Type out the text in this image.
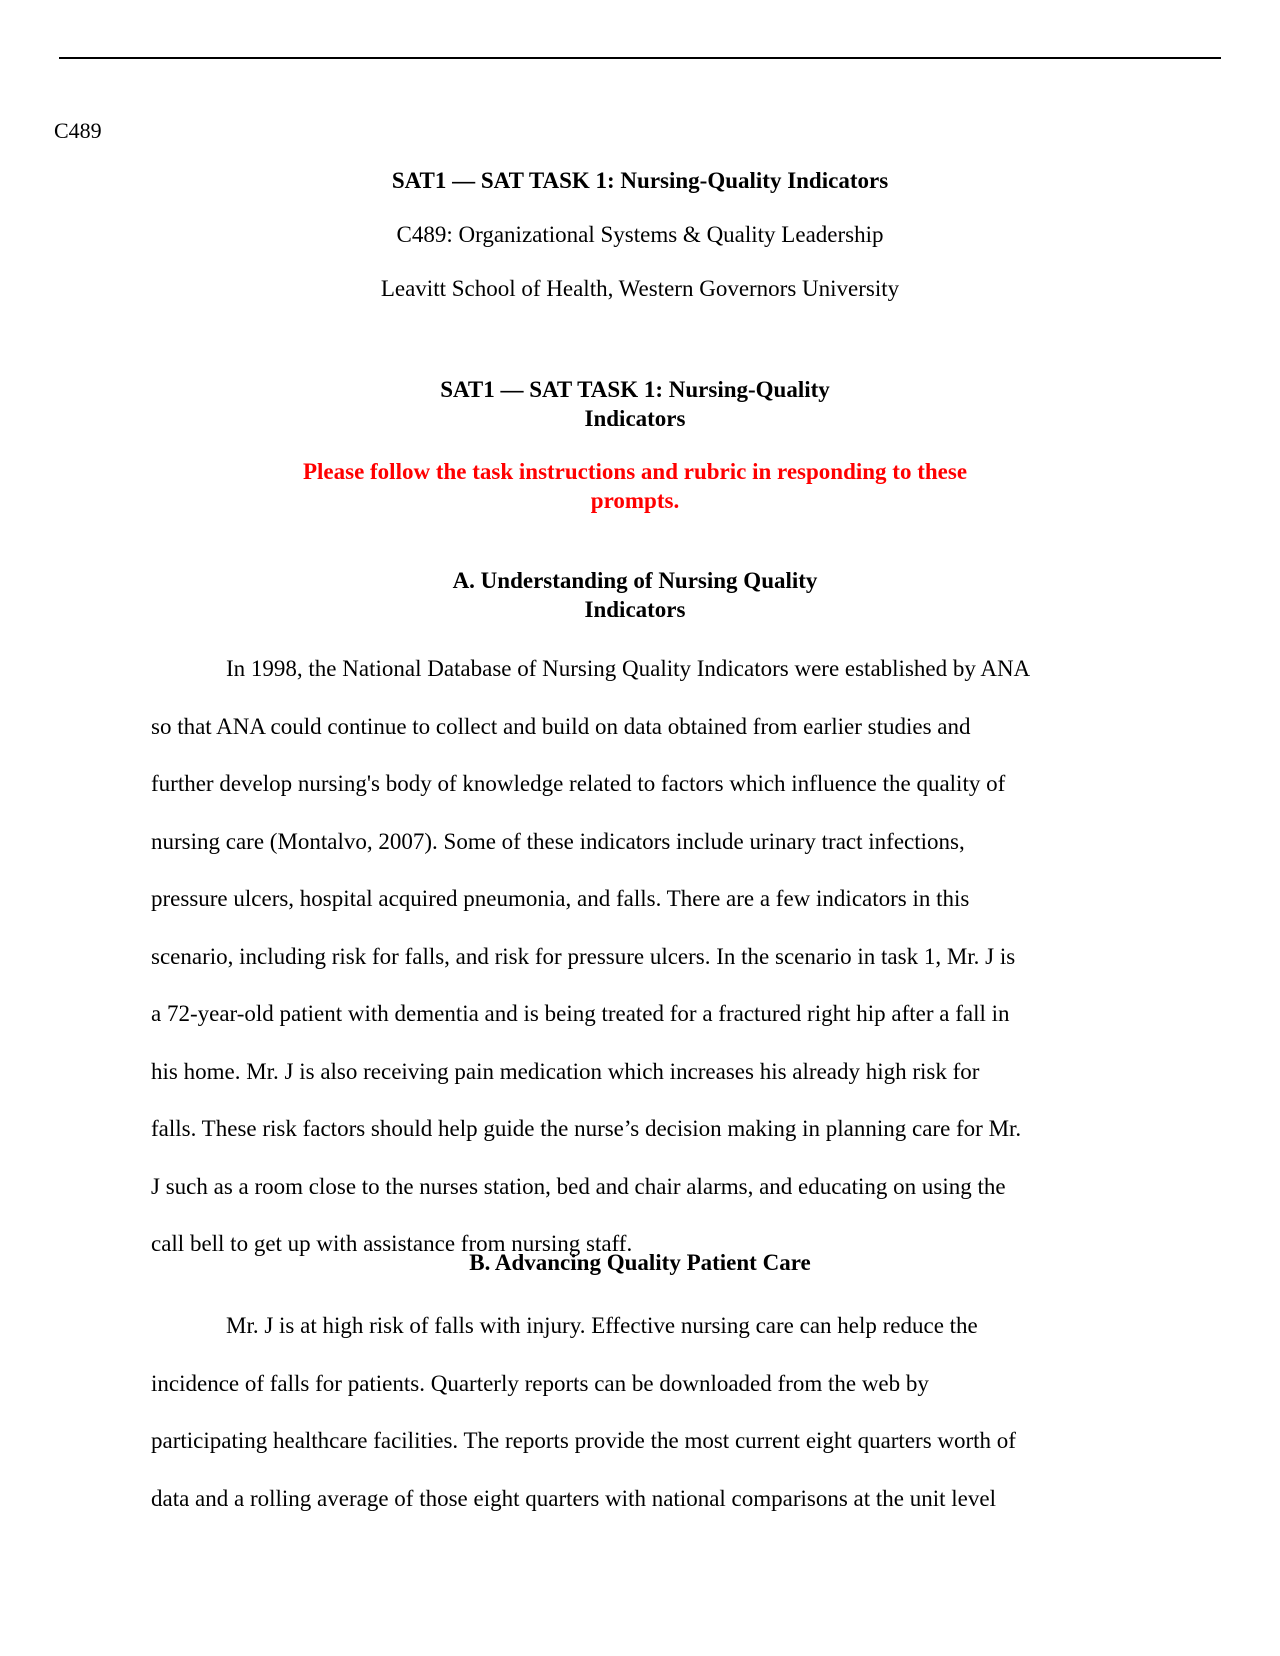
C489
SAT1 — SAT TASK 1: Nursing-Quality Indicators
C489: Organizational Systems & Quality Leadership
Leavitt School of Health, Western Governors University
SAT1 — SAT TASK 1: Nursing-Quality
Indicators
Please follow the task instructions and rubric in responding to these
prompts.
A. Understanding of Nursing Quality
Indicators
In 1998, the National Database of Nursing Quality Indicators were established by ANA
so that ANA could continue to collect and build on data obtained from earlier studies and
further develop nursing's body of knowledge related to factors which influence the quality of
nursing care (Montalvo, 2007). Some of these indicators include urinary tract infections,
pressure ulcers, hospital acquired pneumonia, and falls. There are a few indicators in this
scenario, including risk for falls, and risk for pressure ulcers. In the scenario in task 1, Mr. J is
a 72-year-old patient with dementia and is being treated for a fractured right hip after a fall in
his home. Mr. J is also receiving pain medication which increases his already high risk for
falls. These risk factors should help guide the nurse’s decision making in planning care for Mr.
J such as a room close to the nurses station, bed and chair alarms, and educating on using the
call bell to get up with assistance from nursing staff.
B. Advancing Quality Patient Care
Mr. J is at high risk of falls with injury. Effective nursing care can help reduce the
incidence of falls for patients. Quarterly reports can be downloaded from the web by
participating healthcare facilities. The reports provide the most current eight quarters worth of
data and a rolling average of those eight quarters with national comparisons at the unit level
